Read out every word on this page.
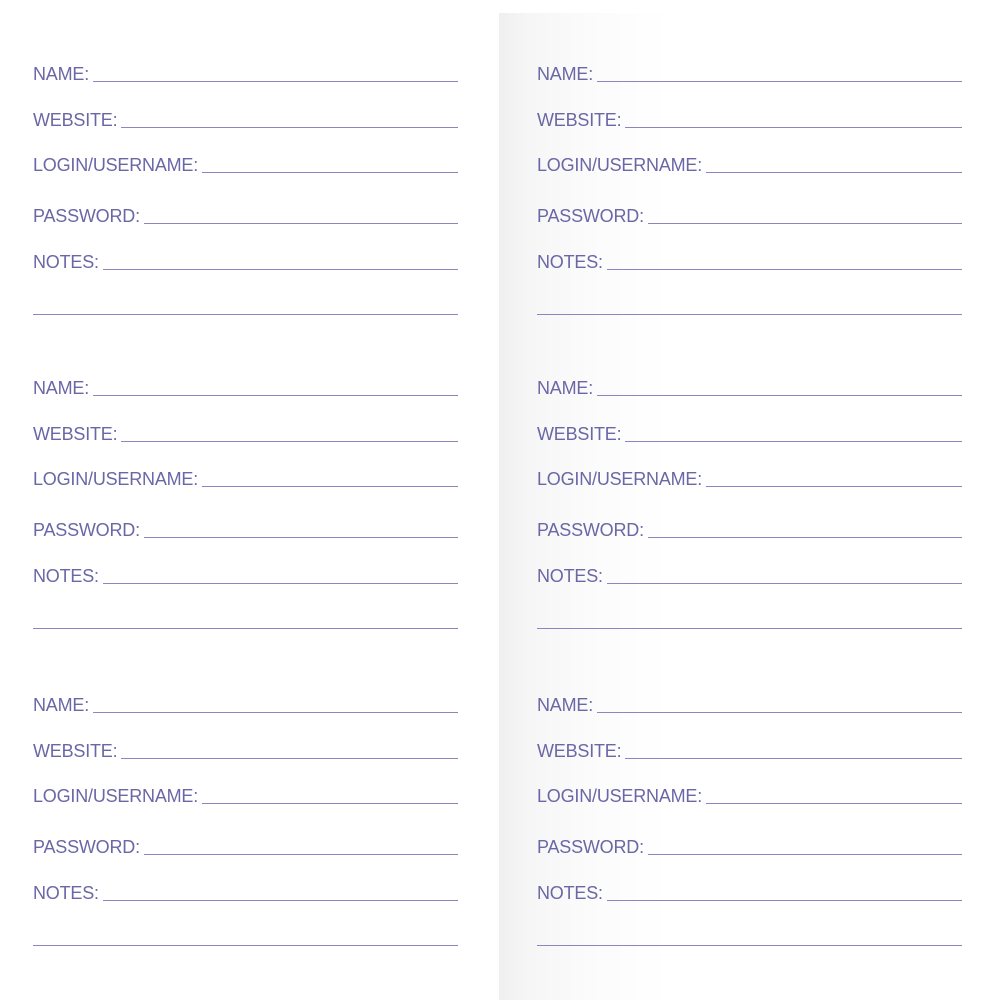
NAME:
WEBSITE:
LOGIN/USERNAME:
PASSWORD:
NOTES:
NAME:
WEBSITE:
LOGIN/USERNAME:
PASSWORD:
NOTES:
NAME:
WEBSITE:
LOGIN/USERNAME:
PASSWORD:
NOTES:
NAME:
WEBSITE:
LOGIN/USERNAME:
PASSWORD:
NOTES:
NAME:
WEBSITE:
LOGIN/USERNAME:
PASSWORD:
NOTES:
NAME:
WEBSITE:
LOGIN/USERNAME:
PASSWORD:
NOTES:
